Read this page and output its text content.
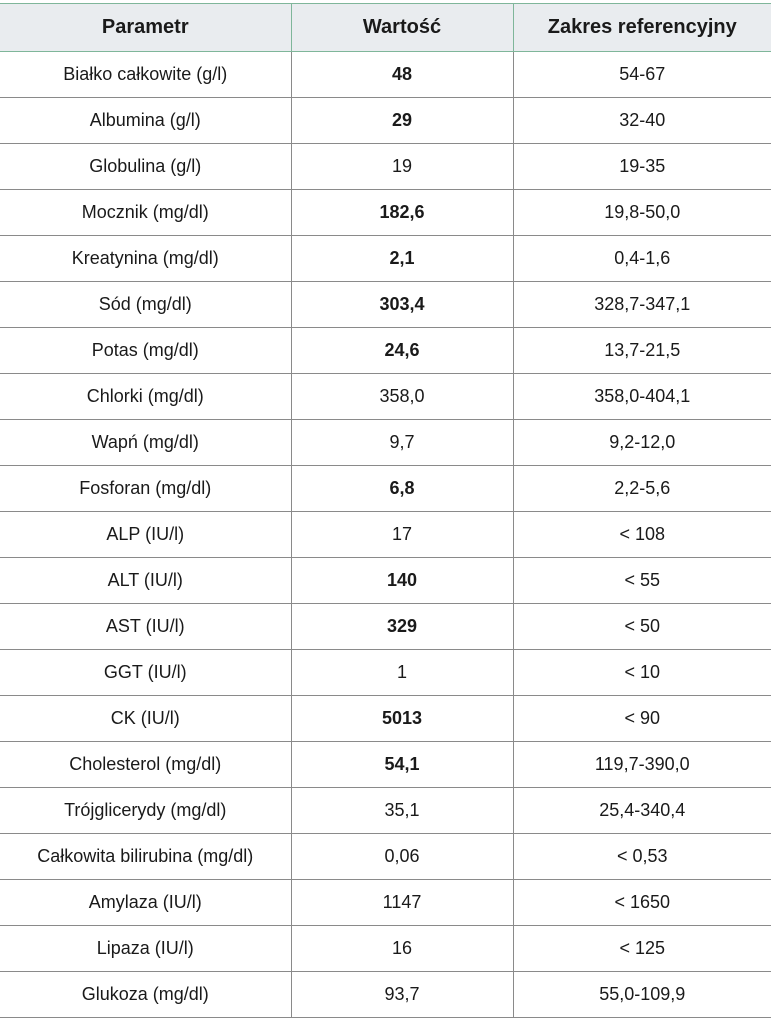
Parametr	Wartość	Zakres referencyjny
Białko całkowite (g/l)	48	54-67
Albumina (g/l)	29	32-40
Globulina (g/l)	19	19-35
Mocznik (mg/dl)	182,6	19,8-50,0
Kreatynina (mg/dl)	2,1	0,4-1,6
Sód (mg/dl)	303,4	328,7-347,1
Potas (mg/dl)	24,6	13,7-21,5
Chlorki (mg/dl)	358,0	358,0-404,1
Wapń (mg/dl)	9,7	9,2-12,0
Fosforan (mg/dl)	6,8	2,2-5,6
ALP (IU/l)	17	< 108
ALT (IU/l)	140	< 55
AST (IU/l)	329	< 50
GGT (IU/l)	1	< 10
CK (IU/l)	5013	< 90
Cholesterol (mg/dl)	54,1	119,7-390,0
Trójglicerydy (mg/dl)	35,1	25,4-340,4
Całkowita bilirubina (mg/dl)	0,06	< 0,53
Amylaza (IU/l)	1147	< 1650
Lipaza (IU/l)	16	< 125
Glukoza (mg/dl)	93,7	55,0-109,9
